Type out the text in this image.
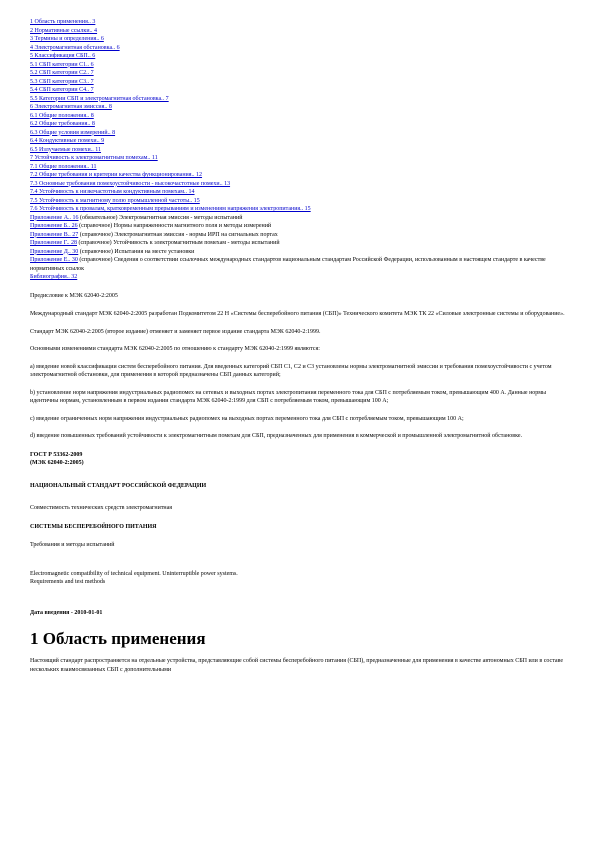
1 Область применения.. 3
2 Нормативные ссылки.. 4
3 Термины и определения.. 6
4 Электромагнитная обстановка.. 6
5 Классификация СБП.. 6
5.1 СБП категории С1.. 6
5.2 СБП категории С2.. 7
5.3 СБП категории С3.. 7
5.4 СБП категории С4.. 7
5.5 Категории СБП и электромагнитная обстановка.. 7
6 Электромагнитная эмиссия.. 8
6.1 Общие положения.. 8
6.2 Общие требования.. 8
6.3 Общие условия измерений.. 8
6.4 Кондуктивные помехи.. 9
6.5 Излучаемые помехи.. 11
7 Устойчивость к электромагнитным помехам.. 11
7.1 Общие положения.. 11
7.2 Общие требования и критерии качества функционирования.. 12
7.3 Основные требования помехоустойчивости - высокочастотные помехи.. 13
7.4 Устойчивость к низкочастотным кондуктивным помехам.. 14
7.5 Устойчивость к магнитному полю промышленной частоты.. 15
7.6 Устойчивость к провалам, кратковременным прерываниям и изменениям напряжения электропитания.. 15
Приложение А.. 16 (обязательное) Электромагнитная эмиссия - методы испытаний
Приложение Б.. 26 (справочное) Нормы напряженности магнитного поля и методы измерений
Приложение В.. 27 (справочное) Электромагнитная эмиссия - нормы ИРП на сигнальных портах
Приложение Г.. 28 (справочное) Устойчивость к электромагнитным помехам - методы испытаний
Приложение Д.. 30 (справочное) Испытания на месте установки
Приложение Е.. 30 (справочное) Сведения о соответствии ссылочных международных стандартов национальным стандартам Российской Федерации, использованным в настоящем стандарте в качестве нормативных ссылок
Библиография.. 32

Предисловие к МЭК 62040-2:2005

Международный стандарт МЭК 62040-2:2005 разработан Подкомитетом 22 Н «Системы бесперебойного питания (СБП)» Технического комитета МЭК ТК 22 «Силовые электронные системы и оборудование».

Стандарт МЭК 62040-2:2005 (второе издание) отменяет и заменяет первое издание стандарта МЭК 62040-2:1999.

Основными изменениями стандарта МЭК 62040-2:2005 по отношению к стандарту МЭК 62040-2:1999 являются:

а) введение новой классификации систем бесперебойного питания. Для введенных категорий СБП С1, С2 и С3 установлены нормы электромагнитной эмиссии и требования помехоустойчивости с учетом электромагнитной обстановки, для применения в которой предназначены СБП данных категорий;

b) установление норм напряжения индустриальных радиопомех на сетевых и выходных портах электропитания переменного тока для СБП с потребляемым током, превышающим 400 А. Данные нормы идентичны нормам, установленным в первом издании стандарта МЭК 62040-2:1999 для СБП с потребляемым током, превышающим 100 А;

c) введение ограниченных норм напряжения индустриальных радиопомех на выходных портах переменного тока для СБП с потребляемым током, превышающим 100 А;

d) введение повышенных требований устойчивости к электромагнитным помехам для СБП, предназначенных для применения в коммерческой и промышленной электромагнитной обстановке.

ГОСТ Р 53362-2009

(МЭК 62040-2:2005)

НАЦИОНАЛЬНЫЙ СТАНДАРТ РОССИЙСКОЙ ФЕДЕРАЦИИ

Совместимость технических средств электромагнитная

СИСТЕМЫ БЕСПЕРЕБОЙНОГО ПИТАНИЯ

Требования и методы испытаний

Electromagnetic compatibility of technical equipment. Uninterruptible power systems.

Requirements and test methods

Дата введения - 2010-01-01

1 Область применения

Настоящий стандарт распространяется на отдельные устройства, представляющие собой системы бесперебойного питания (СБП), предназначенные для применения в качестве автономных СБП или в составе нескольких взаимосвязанных СБП с дополнительными
